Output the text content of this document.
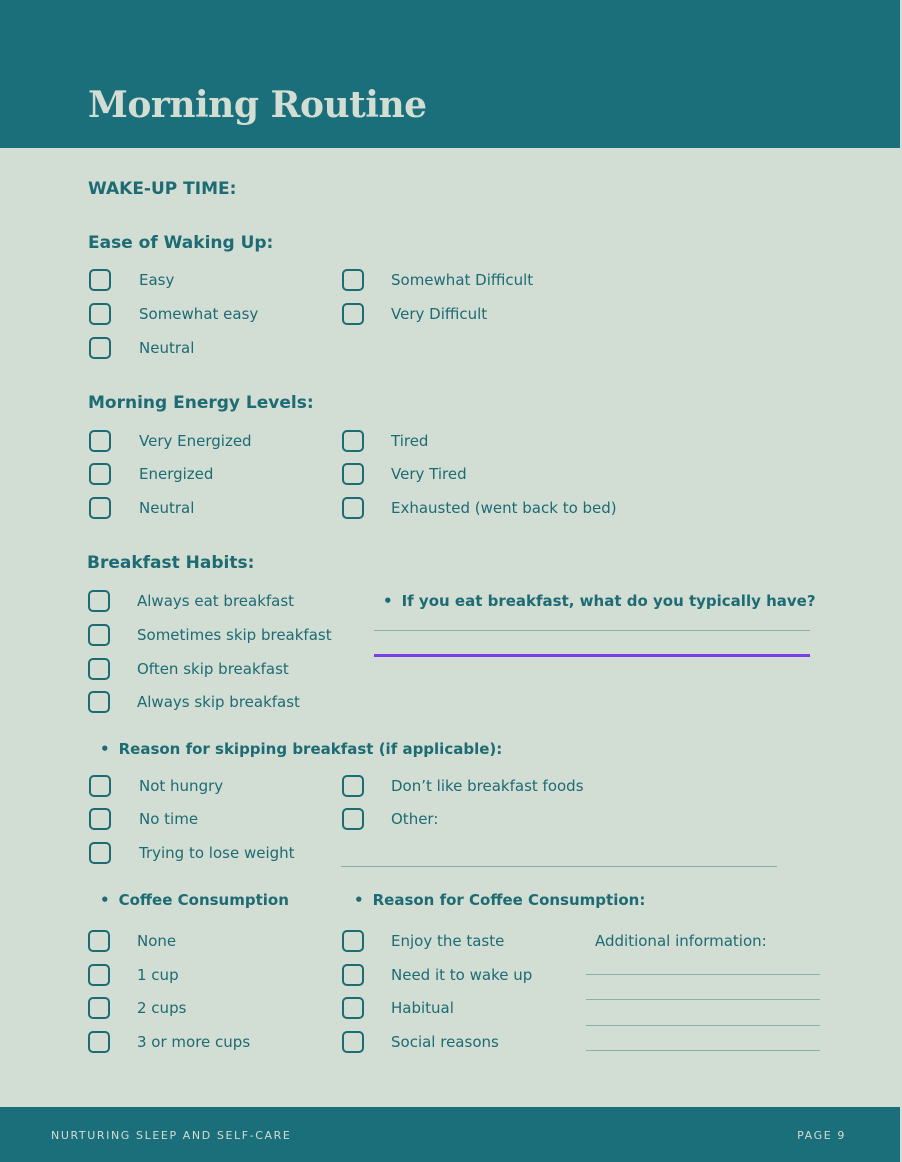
Morning Routine
WAKE-UP TIME:
Ease of Waking Up:
Easy
Somewhat easy
Neutral
Somewhat Difficult
Very Difficult
Morning Energy Levels:
Very Energized
Energized
Neutral
Tired
Very Tired
Exhausted (went back to bed)
Breakfast Habits:
Always eat breakfast
Sometimes skip breakfast
Often skip breakfast
Always skip breakfast
• If you eat breakfast, what do you typically have?
• Reason for skipping breakfast (if applicable):
Not hungry
No time
Trying to lose weight
Don’t like breakfast foods
Other:
• Coffee Consumption
None
1 cup
2 cups
3 or more cups
• Reason for Coffee Consumption:
Enjoy the taste
Need it to wake up
Habitual
Social reasons
Additional information:
NURTURING SLEEP AND SELF-CARE	PAGE 9
